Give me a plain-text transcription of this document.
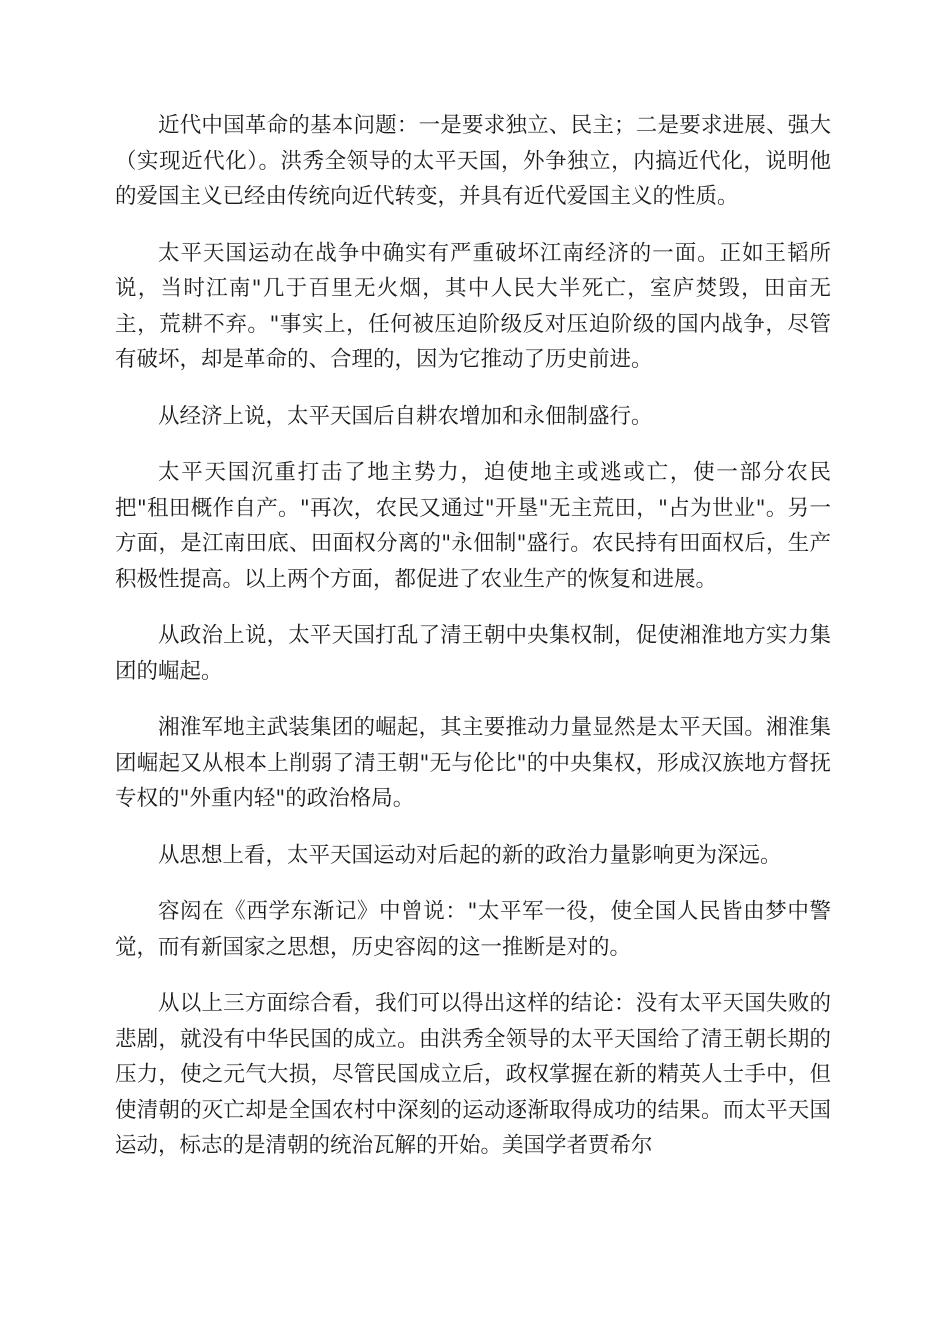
近代中国革命的基本问题：一是要求独立、民主；二是要求进展、强大（实现近代化）。洪秀全领导的太平天国，外争独立，内搞近代化，说明他的爱国主义已经由传统向近代转变，并具有近代爱国主义的性质。

太平天国运动在战争中确实有严重破坏江南经济的一面。正如王韬所说，当时江南"几于百里无火烟，其中人民大半死亡，室庐焚毁，田亩无主，荒耕不弃。"事实上，任何被压迫阶级反对压迫阶级的国内战争，尽管有破坏，却是革命的、合理的，因为它推动了历史前进。

从经济上说，太平天国后自耕农增加和永佃制盛行。

太平天国沉重打击了地主势力，迫使地主或逃或亡，使一部分农民把"租田概作自产。"再次，农民又通过"开垦"无主荒田，"占为世业"。另一方面，是江南田底、田面权分离的"永佃制"盛行。农民持有田面权后，生产积极性提高。以上两个方面，都促进了农业生产的恢复和进展。

从政治上说，太平天国打乱了清王朝中央集权制，促使湘淮地方实力集团的崛起。

湘淮军地主武装集团的崛起，其主要推动力量显然是太平天国。湘淮集团崛起又从根本上削弱了清王朝"无与伦比"的中央集权，形成汉族地方督抚专权的"外重内轻"的政治格局。

从思想上看，太平天国运动对后起的新的政治力量影响更为深远。

容闳在《西学东渐记》中曾说："太平军一役，使全国人民皆由梦中警觉，而有新国家之思想，历史容闳的这一推断是对的。

从以上三方面综合看，我们可以得出这样的结论：没有太平天国失败的悲剧，就没有中华民国的成立。由洪秀全领导的太平天国给了清王朝长期的压力，使之元气大损，尽管民国成立后，政权掌握在新的精英人士手中，但使清朝的灭亡却是全国农村中深刻的运动逐渐取得成功的结果。而太平天国运动，标志的是清朝的统治瓦解的开始。美国学者贾希尔
